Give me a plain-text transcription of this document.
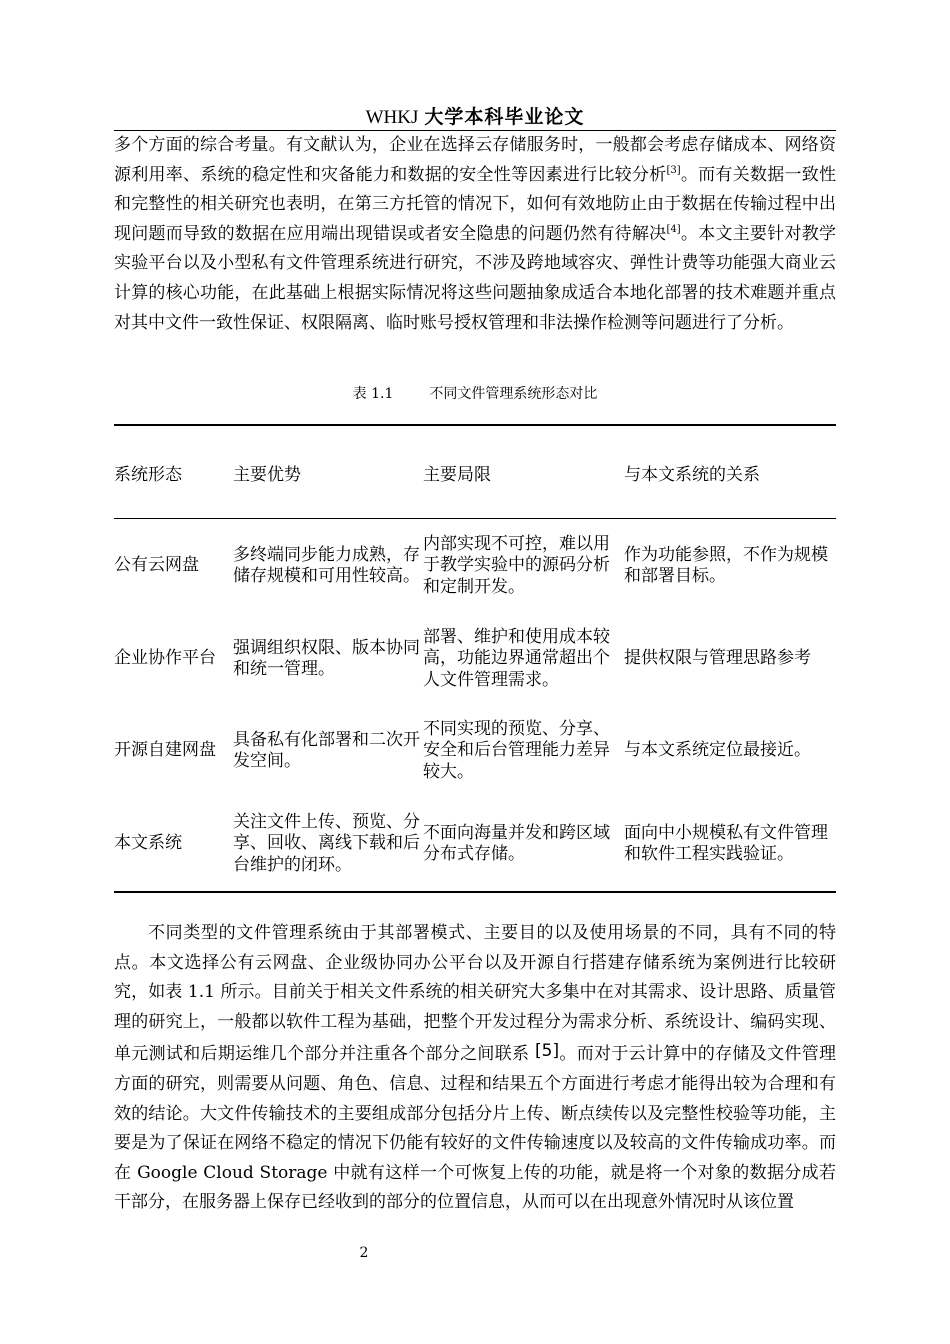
WHKJ 大学本科毕业论文

多个方面的综合考量。有文献认为，企业在选择云存储服务时，一般都会考虑存储成本、网络资源利用率、系统的稳定性和灾备能力和数据的安全性等因素进行比较分析[3]。而有关数据一致性和完整性的相关研究也表明，在第三方托管的情况下，如何有效地防止由于数据在传输过程中出现问题而导致的数据在应用端出现错误或者安全隐患的问题仍然有待解决[4]。本文主要针对教学实验平台以及小型私有文件管理系统进行研究，不涉及跨地域容灾、弹性计费等功能强大商业云计算的核心功能，在此基础上根据实际情况将这些问题抽象成适合本地化部署的技术难题并重点对其中文件一致性保证、权限隔离、临时账号授权管理和非法操作检测等问题进行了分析。

表 1.1	不同文件管理系统形态对比
系统形态	主要优势	主要局限	与本文系统的关系
公有云网盘	多终端同步能力成熟，存储存规模和可用性较高。	内部实现不可控，难以用于教学实验中的源码分析和定制开发。	作为功能参照，不作为规模和部署目标。
企业协作平台	强调组织权限、版本协同和统一管理。	部署、维护和使用成本较高，功能边界通常超出个人文件管理需求。	提供权限与管理思路参考
开源自建网盘	具备私有化部署和二次开发空间。	不同实现的预览、分享、安全和后台管理能力差异较大。	与本文系统定位最接近。
本文系统	关注文件上传、预览、分享、回收、离线下载和后台维护的闭环。	不面向海量并发和跨区域分布式存储。	面向中小规模私有文件管理和软件工程实践验证。

不同类型的文件管理系统由于其部署模式、主要目的以及使用场景的不同，具有不同的特点。本文选择公有云网盘、企业级协同办公平台以及开源自行搭建存储系统为案例进行比较研究，如表 1.1 所示。目前关于相关文件系统的相关研究大多集中在对其需求、设计思路、质量管理的研究上，一般都以软件工程为基础，把整个开发过程分为需求分析、系统设计、编码实现、单元测试和后期运维几个部分并注重各个部分之间联系 [5]。而对于云计算中的存储及文件管理方面的研究，则需要从问题、角色、信息、过程和结果五个方面进行考虑才能得出较为合理和有效的结论。大文件传输技术的主要组成部分包括分片上传、断点续传以及完整性校验等功能，主要是为了保证在网络不稳定的情况下仍能有较好的文件传输速度以及较高的文件传输成功率。而在 Google Cloud Storage 中就有这样一个可恢复上传的功能，就是将一个对象的数据分成若干部分，在服务器上保存已经收到的部分的位置信息，从而可以在出现意外情况时从该位置

2
